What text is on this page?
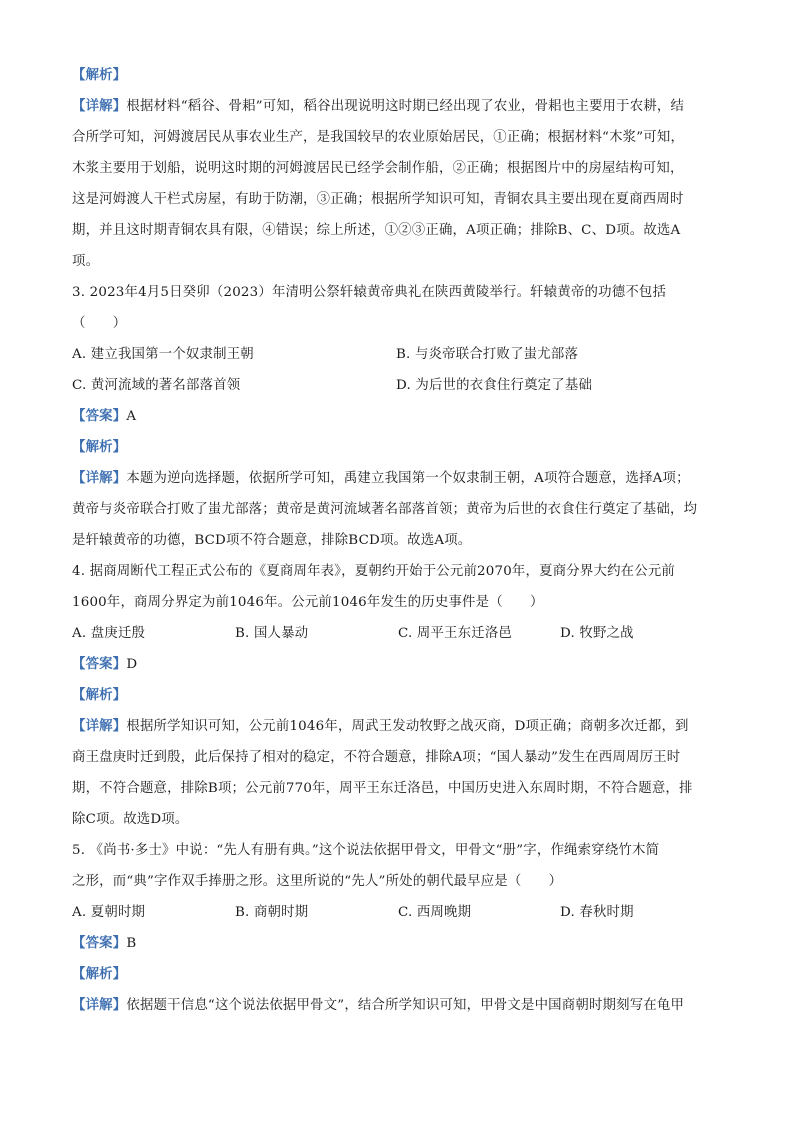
【解析】
【详解】根据材料“稻谷、骨耜”可知，稻谷出现说明这时期已经出现了农业，骨耜也主要用于农耕，结
合所学可知，河姆渡居民从事农业生产，是我国较早的农业原始居民，①正确；根据材料“木浆”可知，
木浆主要用于划船，说明这时期的河姆渡居民已经学会制作船，②正确；根据图片中的房屋结构可知，
这是河姆渡人干栏式房屋，有助于防潮，③正确；根据所学知识可知，青铜农具主要出现在夏商西周时
期，并且这时期青铜农具有限，④错误；综上所述，①②③正确，A项正确；排除B、C、D项。故选A
项。
3. 2023年4月5日癸卯（2023）年清明公祭轩辕黄帝典礼在陕西黄陵举行。轩辕黄帝的功德不包括
（　　）
A. 建立我国第一个奴隶制王朝	B. 与炎帝联合打败了蚩尤部落
C. 黄河流域的著名部落首领	D. 为后世的衣食住行奠定了基础
【答案】A
【解析】
【详解】本题为逆向选择题，依据所学可知，禹建立我国第一个奴隶制王朝，A项符合题意，选择A项；
黄帝与炎帝联合打败了蚩尤部落；黄帝是黄河流域著名部落首领；黄帝为后世的衣食住行奠定了基础，均
是轩辕黄帝的功德，BCD项不符合题意，排除BCD项。故选A项。
4. 据商周断代工程正式公布的《夏商周年表》，夏朝约开始于公元前2070年，夏商分界大约在公元前
1600年，商周分界定为前1046年。公元前1046年发生的历史事件是（　　）
A. 盘庚迁殷	B. 国人暴动	C. 周平王东迁洛邑	D. 牧野之战
【答案】D
【解析】
【详解】根据所学知识可知，公元前1046年，周武王发动牧野之战灭商，D项正确；商朝多次迁都，到
商王盘庚时迁到殷，此后保持了相对的稳定，不符合题意，排除A项；“国人暴动”发生在西周周厉王时
期，不符合题意，排除B项；公元前770年，周平王东迁洛邑，中国历史进入东周时期，不符合题意，排
除C项。故选D项。
5. 《尚书·多士》中说：“先人有册有典。”这个说法依据甲骨文，甲骨文“册”字，作绳索穿绕竹木简
之形，而“典”字作双手捧册之形。这里所说的“先人”所处的朝代最早应是（　　）
A. 夏朝时期	B. 商朝时期	C. 西周晚期	D. 春秋时期
【答案】B
【解析】
【详解】依据题干信息“这个说法依据甲骨文”，结合所学知识可知，甲骨文是中国商朝时期刻写在龟甲
